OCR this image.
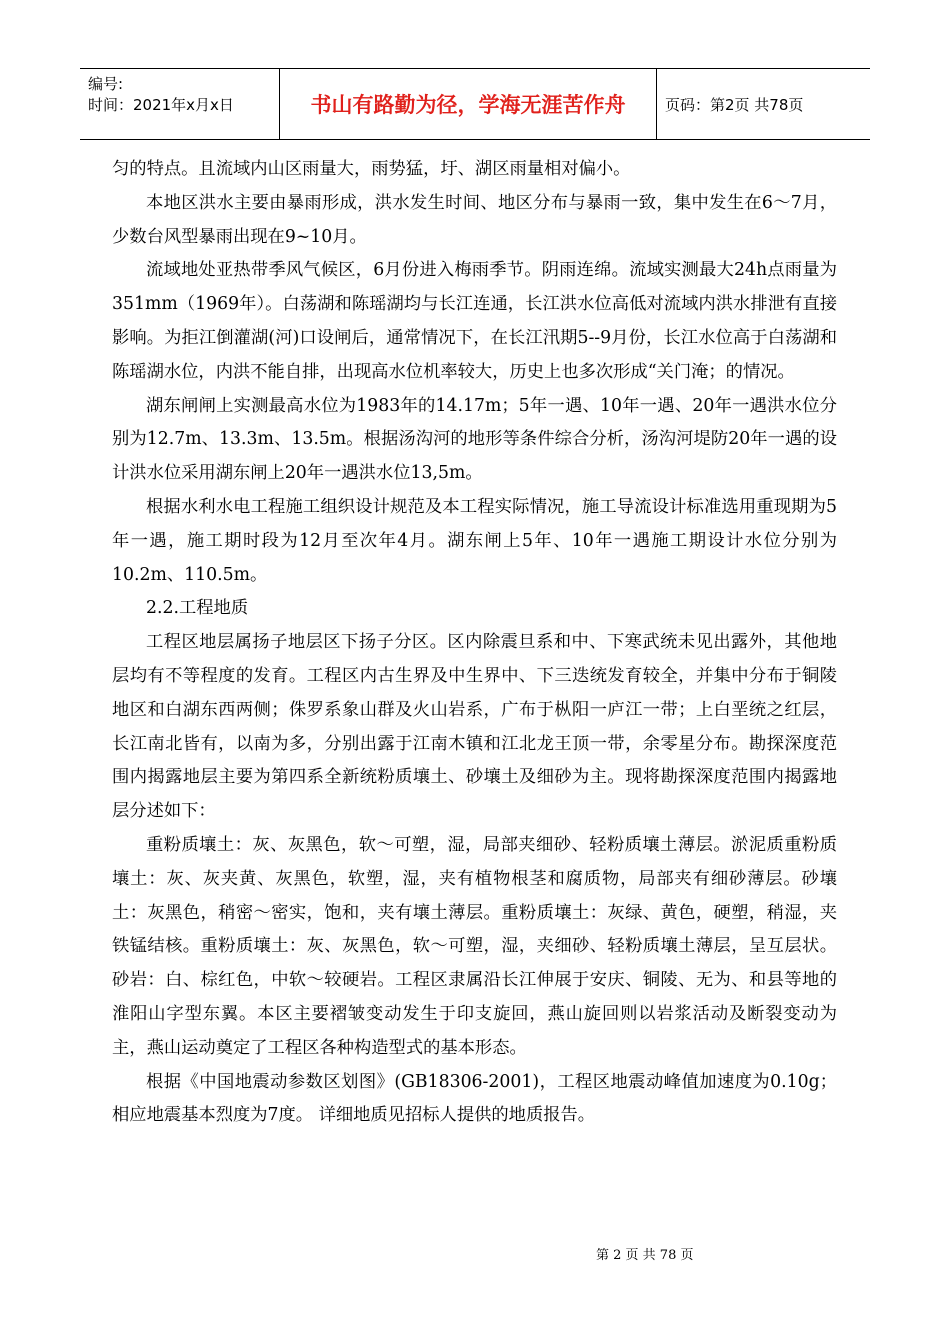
编号:
时间：2021年x月x日	书山有路勤为径，学海无涯苦作舟	页码：第2页 共78页

匀的特点。且流域内山区雨量大，雨势猛，圩、湖区雨量相对偏小。

本地区洪水主要由暴雨形成，洪水发生时间、地区分布与暴雨一致，集中发生在6～7月，少数台风型暴雨出现在9~10月。

流域地处亚热带季风气候区，6月份进入梅雨季节。阴雨连绵。流域实测最大24h点雨量为351mm（1969年）。白荡湖和陈瑶湖均与长江连通，长江洪水位高低对流域内洪水排泄有直接影响。为拒江倒灌湖(河)口设闸后，通常情况下，在长江汛期5--9月份，长江水位高于白荡湖和陈瑶湖水位，内洪不能自排，出现高水位机率较大，历史上也多次形成“关门淹；的情况。

湖东闸闸上实测最高水位为1983年的14.17m；5年一遇、10年一遇、20年一遇洪水位分别为12.7m、13.3m、13.5m。根据汤沟河的地形等条件综合分析，汤沟河堤防20年一遇的设计洪水位采用湖东闸上20年一遇洪水位13,5m。

根据水利水电工程施工组织设计规范及本工程实际情况，施工导流设计标准选用重现期为5年一遇，施工期时段为12月至次年4月。湖东闸上5年、10年一遇施工期设计水位分别为10.2m、110.5m。

2.2.工程地质

工程区地层属扬子地层区下扬子分区。区内除震旦系和中、下寒武统未见出露外，其他地层均有不等程度的发育。工程区内古生界及中生界中、下三迭统发育较全，并集中分布于铜陵地区和白湖东西两侧；侏罗系象山群及火山岩系，广布于枞阳一庐江一带；上白垩统之红层，长江南北皆有，以南为多，分别出露于江南木镇和江北龙王顶一带，余零星分布。勘探深度范围内揭露地层主要为第四系全新统粉质壤土、砂壤土及细砂为主。现将勘探深度范围内揭露地层分述如下：

重粉质壤土：灰、灰黑色，软～可塑，湿，局部夹细砂、轻粉质壤土薄层。淤泥质重粉质壤土：灰、灰夹黄、灰黑色，软塑，湿，夹有植物根茎和腐质物，局部夹有细砂薄层。砂壤土：灰黑色，稍密～密实，饱和，夹有壤土薄层。重粉质壤土：灰绿、黄色，硬塑，稍湿，夹铁锰结核。重粉质壤土：灰、灰黑色，软～可塑，湿，夹细砂、轻粉质壤土薄层，呈互层状。砂岩：白、棕红色，中软～较硬岩。工程区隶属沿长江伸展于安庆、铜陵、无为、和县等地的淮阳山字型东翼。本区主要褶皱变动发生于印支旋回，燕山旋回则以岩浆活动及断裂变动为主，燕山运动奠定了工程区各种构造型式的基本形态。

根据《中国地震动参数区划图》(GB18306-2001)，工程区地震动峰值加速度为0.10g；相应地震基本烈度为7度。 详细地质见招标人提供的地质报告。

第 2 页 共 78 页
